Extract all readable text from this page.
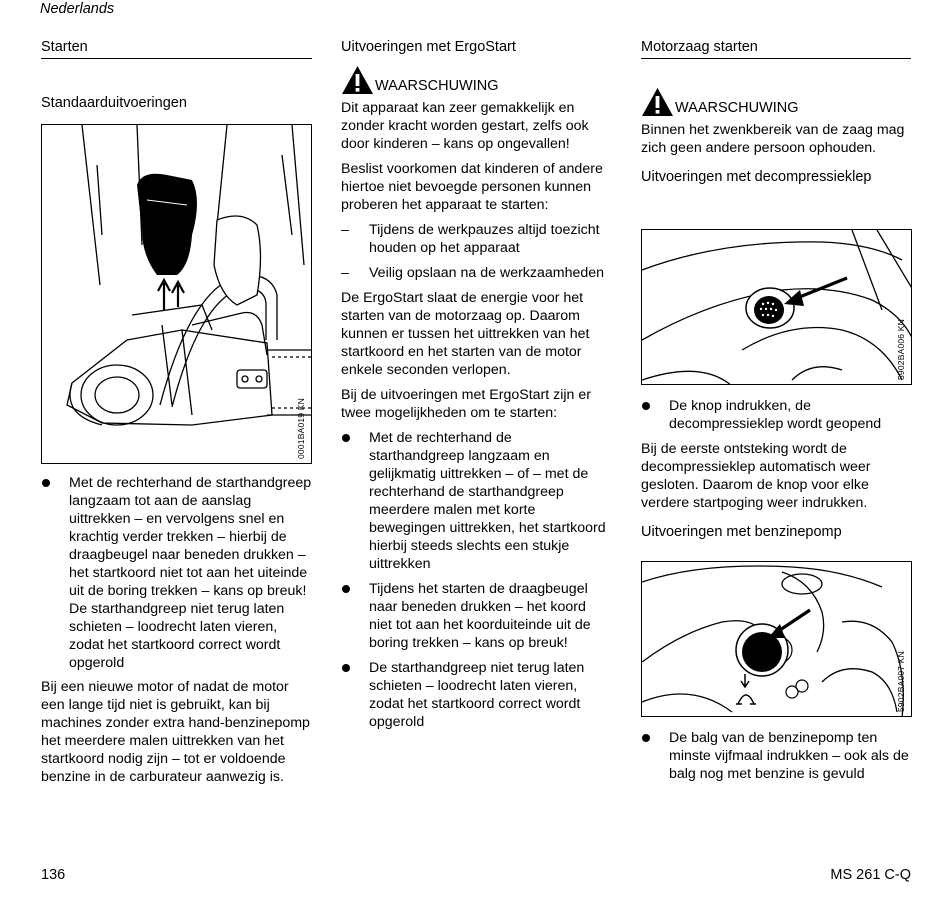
Nederlands
Starten
Standaarduitvoeringen
0001BA019 KN
Met de rechterhand de starthandgreep langzaam tot aan de aanslag uittrekken – en vervolgens snel en krachtig verder trekken – hierbij de draagbeugel naar beneden drukken – het startkoord niet tot aan het uiteinde uit de boring trekken – kans op breuk! De starthandgreep niet terug laten schieten – loodrecht laten vieren, zodat het startkoord correct wordt opgerold

Bij een nieuwe motor of nadat de motor een lange tijd niet is gebruikt, kan bij machines zonder extra hand-benzinepomp het meerdere malen uittrekken van het startkoord nodig zijn – tot er voldoende benzine in de carburateur aanwezig is.

Uitvoeringen met ErgoStart
WAARSCHUWING

Dit apparaat kan zeer gemakkelijk en zonder kracht worden gestart, zelfs ook door kinderen – kans op ongevallen!

Beslist voorkomen dat kinderen of andere hiertoe niet bevoegde personen kunnen proberen het apparaat te starten:

– Tijdens de werkpauzes altijd toezicht houden op het apparaat
– Veilig opslaan na de werkzaamheden

De ErgoStart slaat de energie voor het starten van de motorzaag op. Daarom kunnen er tussen het uittrekken van het startkoord en het starten van de motor enkele seconden verlopen.

Bij de uitvoeringen met ErgoStart zijn er twee mogelijkheden om te starten:

Met de rechterhand de starthandgreep langzaam en gelijkmatig uittrekken – of – met de rechterhand de starthandgreep meerdere malen met korte bewegingen uittrekken, het startkoord hierbij steeds slechts een stukje uittrekken
Tijdens het starten de draagbeugel naar beneden drukken – het koord niet tot aan het koorduiteinde uit de boring trekken – kans op breuk!
De starthandgreep niet terug laten schieten – loodrecht laten vieren, zodat het startkoord correct wordt opgerold
Motorzaag starten
WAARSCHUWING

Binnen het zwenkbereik van de zaag mag zich geen andere persoon ophouden.

Uitvoeringen met decompressieklep
5902BA006 KN
De knop indrukken, de decompressieklep wordt geopend

Bij de eerste ontsteking wordt de decompressieklep automatisch weer gesloten. Daarom de knop voor elke verdere startpoging weer indrukken.

Uitvoeringen met benzinepomp
5902BA007 KN
De balg van de benzinepomp ten minste vijfmaal indrukken – ook als de balg nog met benzine is gevuld
136	MS 261 C-Q
